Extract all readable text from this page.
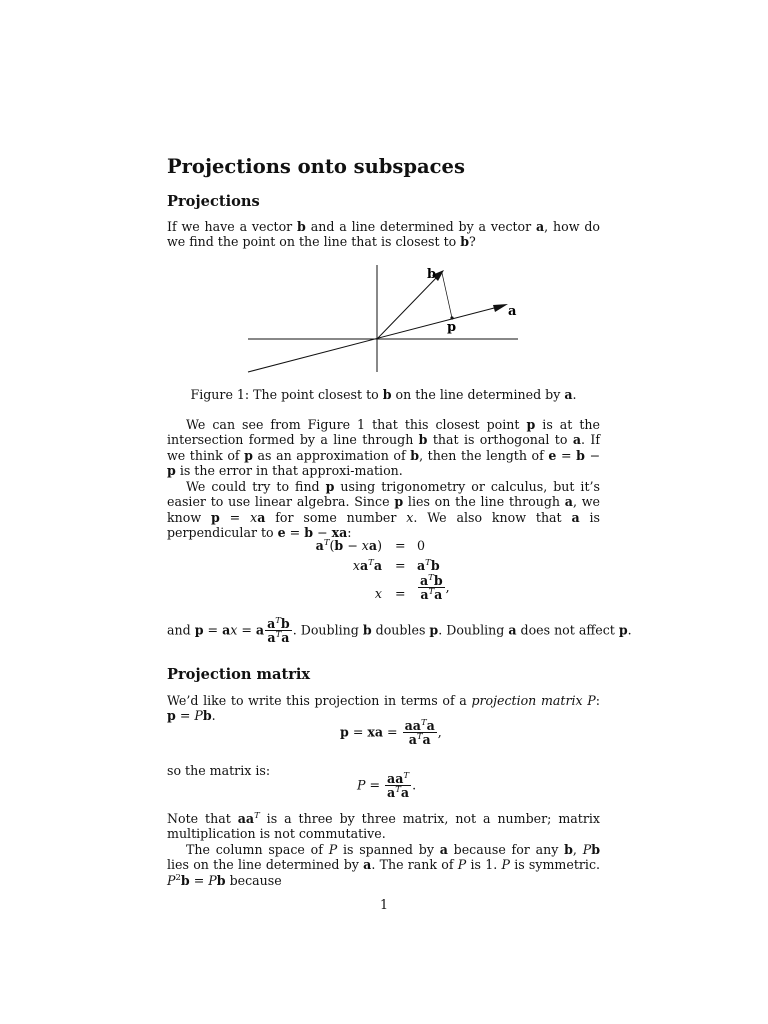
Projections onto subspaces
Projections
If we have a vector b and a line determined by a vector a, how do we find the point on the line that is closest to b?
b
a
p
Figure 1: The point closest to b on the line determined by a.
We can see from Figure 1 that this closest point p is at the intersection formed by a line through b that is orthogonal to a. If we think of p as an approximation of b, then the length of e = b − p is the error in that approxi-mation.
We could try to find p using trigonometry or calculus, but it’s easier to use linear algebra. Since p lies on the line through a, we know p = xa for some number x. We also know that a is perpendicular to e = b − xa:
$a^T(b - xa) = 0$
$xa^Ta = a^Tb$
$x = \frac{a^Tb}{a^Ta}$ ,
and p = ax = a $\frac{a^Tb}{a^Ta}$ . Doubling b doubles p. Doubling a does not affect p.
Projection matrix
We’d like to write this projection in terms of a projection matrix P: p = Pb.
p = xa = $\frac{aa^Ta}{a^Ta}$ ,
so the matrix is:
$P = \frac{aa^T}{a^Ta}$ .
Note that $aa^T$ is a three by three matrix, not a number; matrix multiplication is not commutative.
The column space of P is spanned by a because for any b, Pb lies on the line determined by a. The rank of P is 1. P is symmetric. $P^2b = Pb$ because
1
